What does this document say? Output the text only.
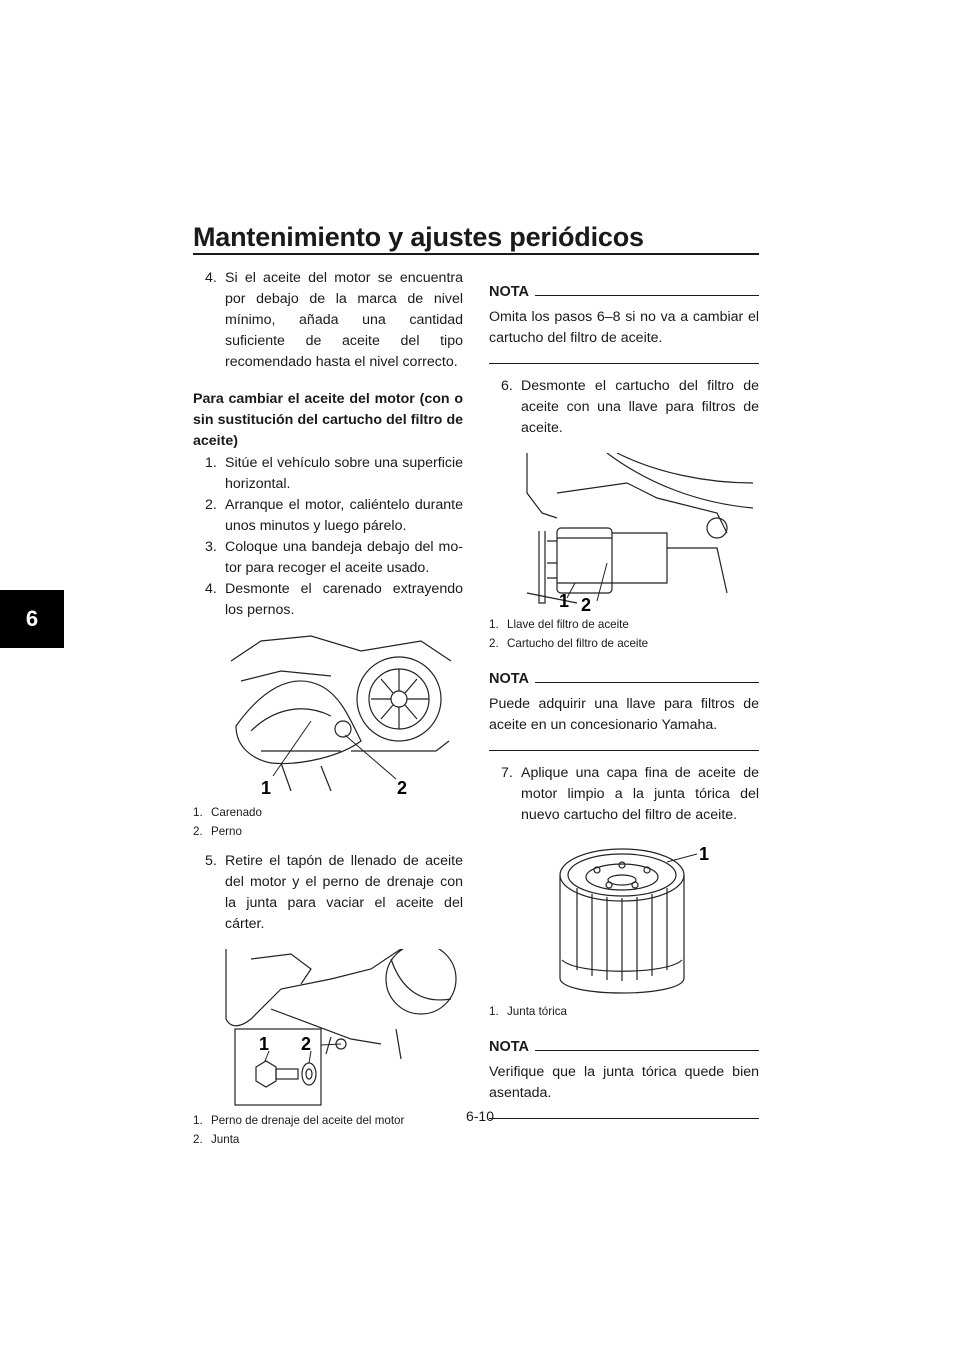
Mantenimiento y ajustes periódicos
6

4. Si el aceite del motor se encuentra por debajo de la marca de nivel mínimo, añada una cantidad suficiente de aceite del tipo recomendado hasta el nivel correcto.

Para cambiar el aceite del motor (con o sin sustitución del cartucho del filtro de aceite)

1. Sitúe el vehículo sobre una superficie horizontal.

2. Arranque el motor, caliéntelo durante unos minutos y luego párelo.

3. Coloque una bandeja debajo del mo-tor para recoger el aceite usado.

4. Desmonte el carenado extrayendo los pernos.

1	2
1. Carenado
2. Perno

5. Retire el tapón de llenado de aceite del motor y el perno de drenaje con la junta para vaciar el aceite del cárter.

1 2
1. Perno de drenaje del aceite del motor
2. Junta
NOTA

Omita los pasos 6–8 si no va a cambiar el cartucho del filtro de aceite.

6. Desmonte el cartucho del filtro de aceite con una llave para filtros de aceite.

1 2
1. Llave del filtro de aceite
2. Cartucho del filtro de aceite
NOTA

Puede adquirir una llave para filtros de aceite en un concesionario Yamaha.

7. Aplique una capa fina de aceite de motor limpio a la junta tórica del nuevo cartucho del filtro de aceite.

1
1. Junta tórica
NOTA

Verifique que la junta tórica quede bien asentada.

6-10
